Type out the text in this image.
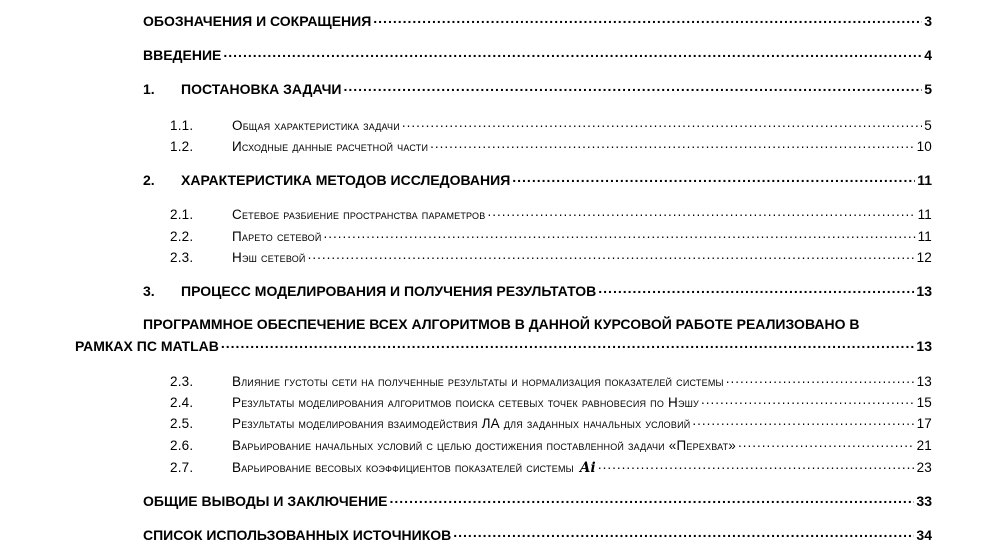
ОБОЗНАЧЕНИЯ И СОКРАЩЕНИЯ .....	3
ВВЕДЕНИЕ .....	4
1.	ПОСТАНОВКА ЗАДАЧИ .....	5
1.1.	Общая характеристика задачи .....	5
1.2.	Исходные данные расчетной части .....	10
2.	ХАРАКТЕРИСТИКА МЕТОДОВ ИССЛЕДОВАНИЯ .....	11
2.1.	Сетевое разбиение пространства параметров .....	11
2.2.	Парето сетевой .....	11
2.3.	Нэш сетевой .....	12
3.	ПРОЦЕСС МОДЕЛИРОВАНИЯ И ПОЛУЧЕНИЯ РЕЗУЛЬТАТОВ .....	13
ПРОГРАММНОЕ ОБЕСПЕЧЕНИЕ ВСЕХ АЛГОРИТМОВ В ДАННОЙ КУРСОВОЙ РАБОТЕ РЕАЛИЗОВАНО В
РАМКАХ ПС MATLAB .....	13
2.3.	Влияние густоты сети на полученные результаты и нормализация показателей системы .....	13
2.4.	Результаты моделирования алгоритмов поиска сетевых точек равновесия по Нэшу .....	15
2.5.	Результаты моделирования взаимодействия ЛА для заданных начальных условий .....	17
2.6.	Варьирование начальных условий с целью достижения поставленной задачи «Перехват» .....	21
2.7.	Варьирование весовых коэффициентов показателей системы Ai .....	23
ОБЩИЕ ВЫВОДЫ И ЗАКЛЮЧЕНИЕ .....	33
СПИСОК ИСПОЛЬЗОВАННЫХ ИСТОЧНИКОВ .....	34
